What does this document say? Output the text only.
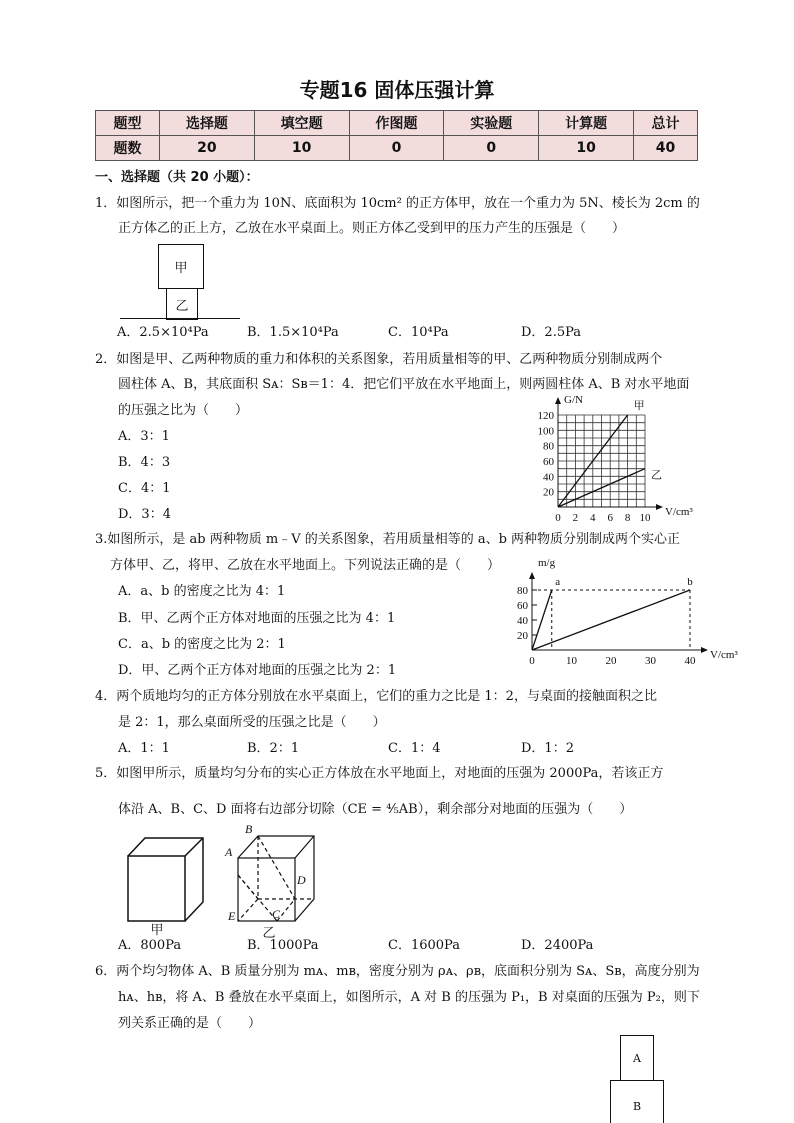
专题16 固体压强计算
题型	选择题	填空题	作图题	实验题	计算题	总计
题数	20	10	0	0	10	40
一、选择题（共 20 小题）：
1．如图所示，把一个重力为 10N、底面积为 10cm² 的正方体甲，放在一个重力为 5N、棱长为 2cm 的
正方体乙的正上方，乙放在水平桌面上。则正方体乙受到甲的压力产生的压强是（　　）
甲
乙
A．2.5×10⁴Pa	B．1.5×10⁴Pa	C．10⁴Pa	D．2.5Pa
2．如图是甲、乙两种物质的重力和体积的关系图象，若用质量相等的甲、乙两种物质分别制成两个
圆柱体 A、B，其底面积 Sᴀ：Sʙ＝1：4．把它们平放在水平地面上，则两圆柱体 A、B 对水平地面
的压强之比为（　　）
A．3：1
B．4：3
C．4：1
D．3：4	0 2 4 6 8 10
20
40
60
80
100
120
V/cm³
G/N	甲
乙
3.如图所示，是 ab 两种物质 m﹣V 的关系图象，若用质量相等的 a、b 两种物质分别制成两个实心正
方体甲、乙，将甲、乙放在水平地面上。下列说法正确的是（　　）
A．a、b 的密度之比为 4：1
B．甲、乙两个正方体对地面的压强之比为 4：1
C．a、b 的密度之比为 2：1
D．甲、乙两个正方体对地面的压强之比为 2：1
0	10	20	30	40
20
40
60
80
V/cm³
m/g
a	b
4．两个质地均匀的正方体分别放在水平桌面上，它们的重力之比是 1：2，与桌面的接触面积之比
是 2：1，那么桌面所受的压强之比是（　　）
A．1：1	B．2：1	C．1：4	D．1：2
5．如图甲所示，质量均匀分布的实心正方体放在水平地面上，对地面的压强为 2000Pa，若该正方
体沿 A、B、C、D 面将右边部分切除（CE = ⁴⁄₅AB），剩余部分对地面的压强为（　　）
甲	乙
A
B
C
D
E
A．800Pa	B．1000Pa	C．1600Pa	D．2400Pa
6．两个均匀物体 A、B 质量分别为 mᴀ、mʙ，密度分别为 ρᴀ、ρʙ，底面积分别为 Sᴀ、Sʙ，高度分别为
hᴀ、hʙ，将 A、B 叠放在水平桌面上，如图所示，A 对 B 的压强为 P₁，B 对桌面的压强为 P₂，则下
列关系正确的是（　　）
A
B
